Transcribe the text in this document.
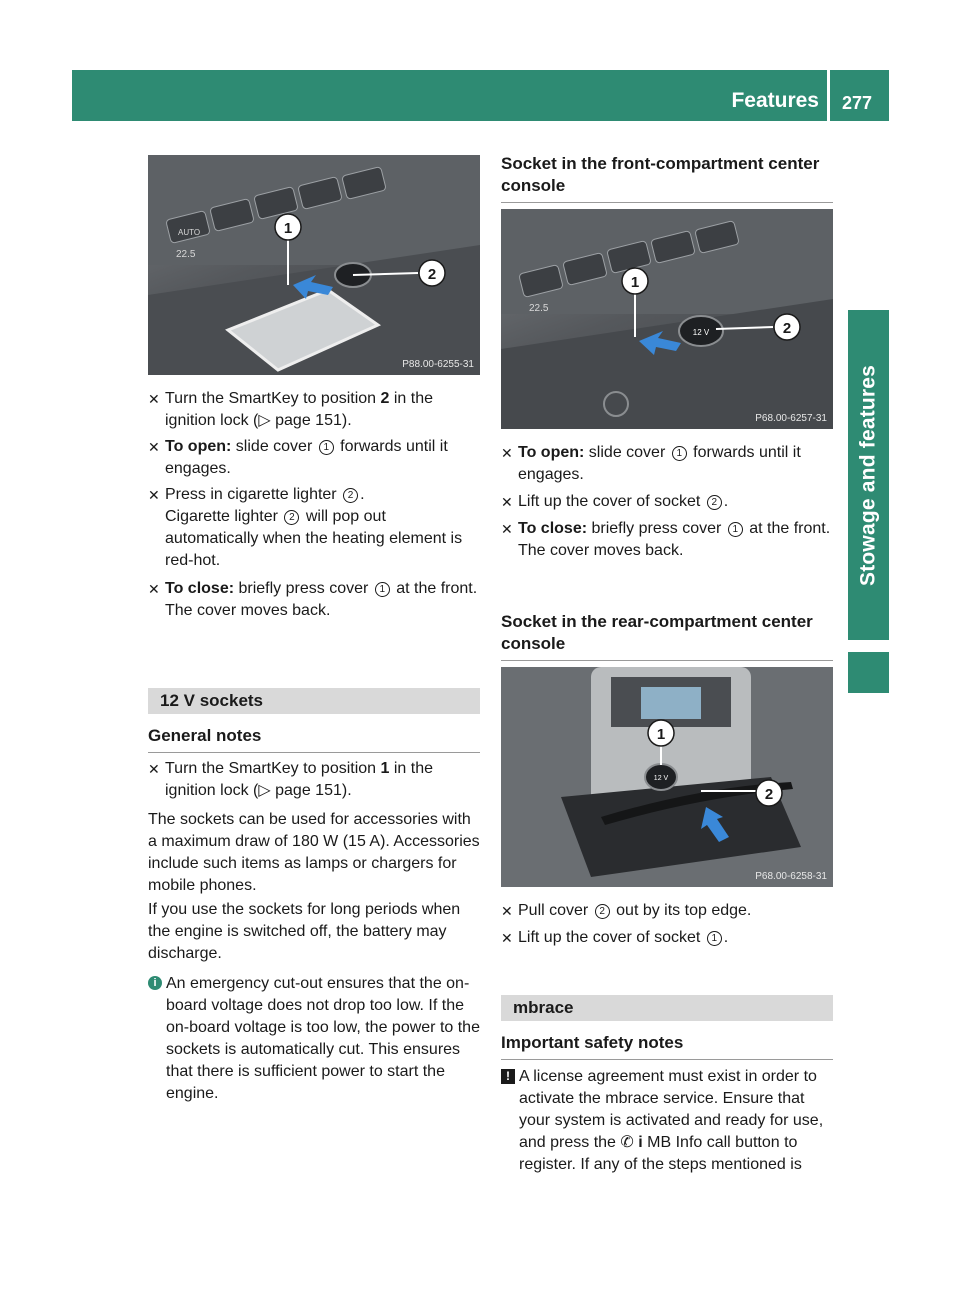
Features 277
Stowage and features
22.5
AUTO	1
2
P88.00-6255-31
✕ Turn the SmartKey to position 2 in the ignition lock (▷ page 151).
✕ To open: slide cover 1 forwards until it engages.
✕ Press in cigarette lighter 2 .
Cigarette lighter 2 will pop out automatically when the heating element is red-hot.
✕ To close: briefly press cover 1 at the front.
The cover moves back.
12 V sockets
General notes
✕ Turn the SmartKey to position 1 in the ignition lock (▷ page 151).
The sockets can be used for accessories with a maximum draw of 180 W (15 A). Accessories include such items as lamps or chargers for mobile phones.
If you use the sockets for long periods when the engine is switched off, the battery may discharge.
i An emergency cut-out ensures that the on-board voltage does not drop too low. If the on-board voltage is too low, the power to the sockets is automatically cut. This ensures that there is sufficient power to start the engine.
Socket in the front-compartment center console
22.5
12 V
1
2
P68.00-6257-31
✕ To open: slide cover 1 forwards until it engages.
✕ Lift up the cover of socket 2 .
✕ To close: briefly press cover 1 at the front.
The cover moves back.
Socket in the rear-compartment center console
12 V
1
2
P68.00-6258-31
✕ Pull cover 2 out by its top edge.
✕ Lift up the cover of socket 1 .
mbrace
Important safety notes
! A license agreement must exist in order to activate the mbrace service. Ensure that your system is activated and ready for use, and press the ✆ i MB Info call button to register. If any of the steps mentioned is
